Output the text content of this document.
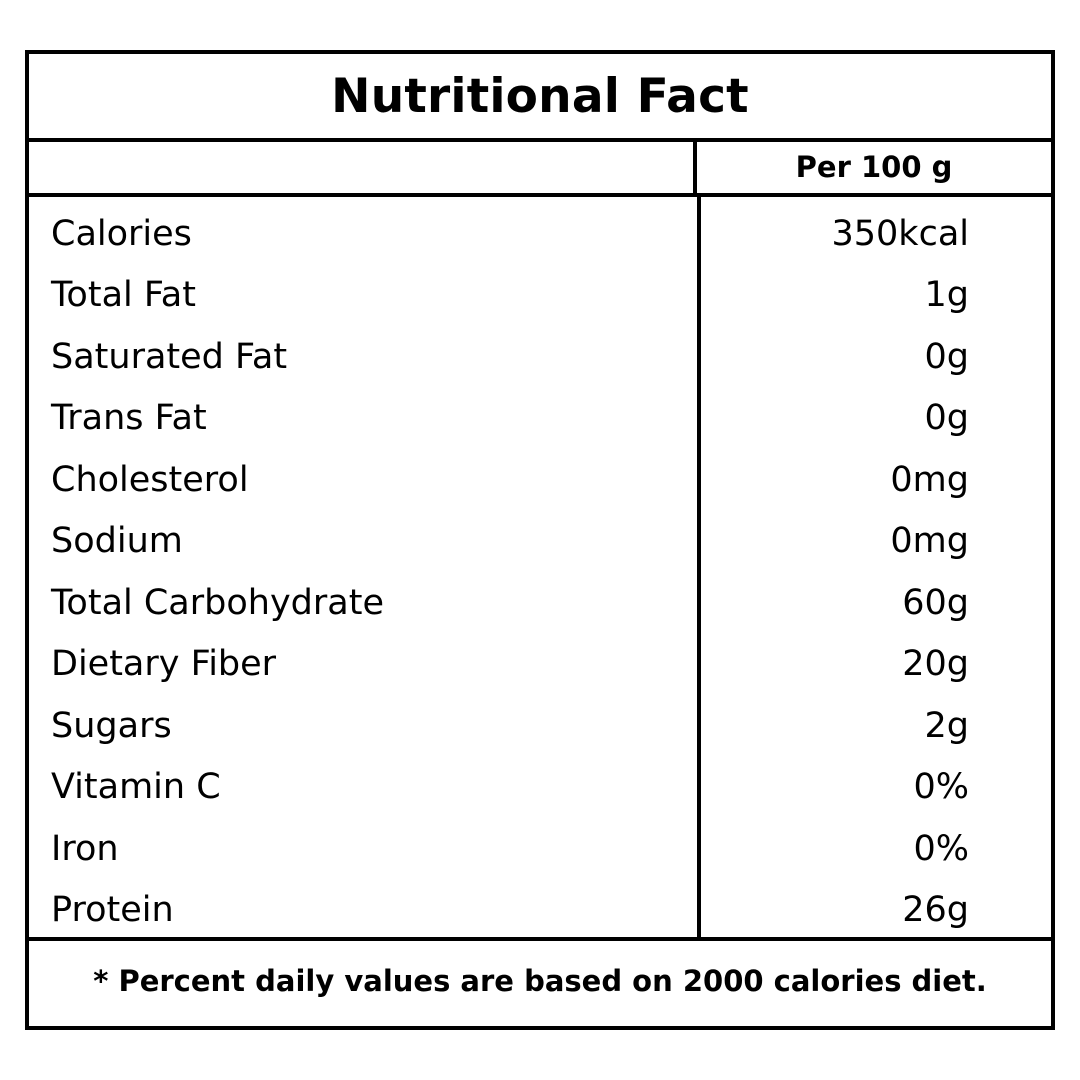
Nutritional Fact
Per 100 g
Calories	350kcal
Total Fat	1g
Saturated Fat	0g
Trans Fat	0g
Cholesterol	0mg
Sodium	0mg
Total Carbohydrate	60g
Dietary Fiber	20g
Sugars	2g
Vitamin C	0%
Iron	0%
Protein	26g
* Percent daily values are based on 2000 calories diet.
